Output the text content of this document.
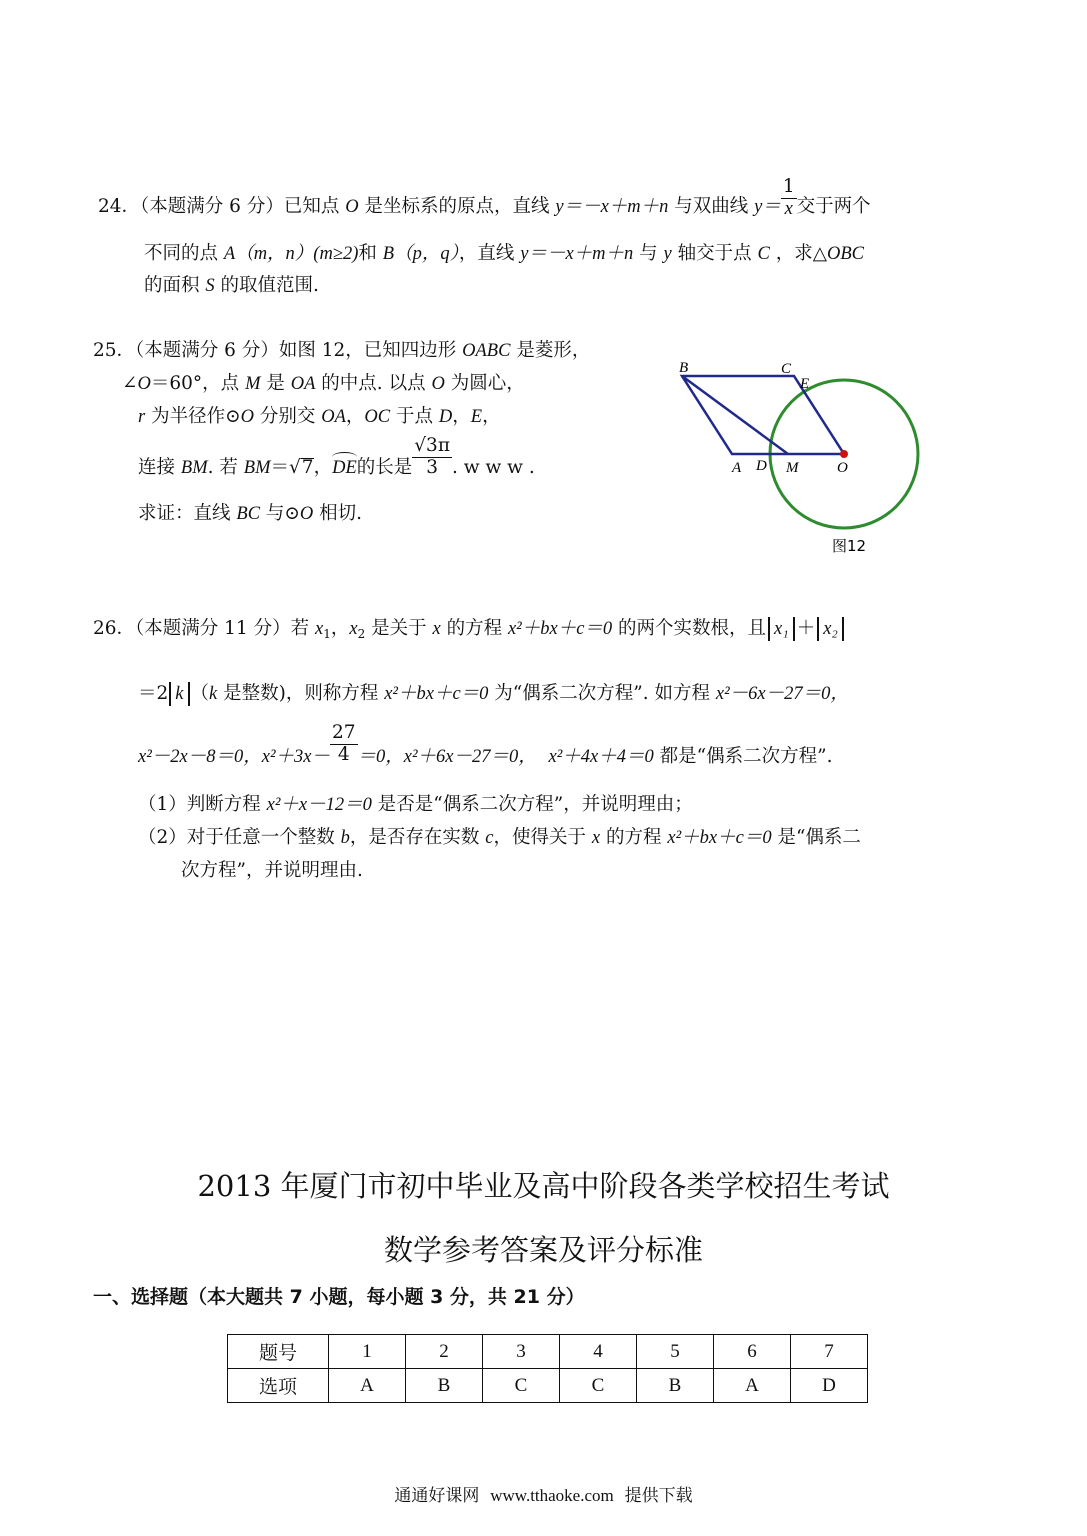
24．（本题满分 6 分）已知点 O 是坐标系的原点，直线 y＝－x＋m＋n 与双曲线 $y= \frac{1}{x}$ 交于两个
不同的点 A（m，n）(m≥2)和 B（p，q），直线 y＝－x＋m＋n 与 y 轴交于点 C ，求△OBC
的面积 S 的取值范围.
25．（本题满分 6 分）如图 12，已知四边形 OABC 是菱形，
∠O＝60°，点 M 是 OA 的中点. 以点 O 为圆心，
r 为半径作⊙O 分别交 OA，OC 于点 D，E，
连接 BM. 若 BM＝√7，DE的长是 $\frac{√3\pi}{3}$ . w w w .
求证：直线 BC 与⊙O 相切.
B	C
E
A D M	O
图12
26．（本题满分 11 分）若 $x_1$，$x_2$ 是关于 x 的方程 x²＋bx＋c＝0 的两个实数根，且 x₁ ＋ x₂
＝2 k （k 是整数)，则称方程 x²＋bx＋c＝0 为“偶系二次方程”. 如方程 x²－6x－27＝0，
x²－2x－8＝0，$x^2+3x- \frac{27}{4} =0$，x²＋6x－27＝0， x²＋4x＋4＝0 都是“偶系二次方程”.
（1）判断方程 x²＋x－12＝0 是否是“偶系二次方程”，并说明理由；
（2）对于任意一个整数 b，是否存在实数 c，使得关于 x 的方程 x²＋bx＋c＝0 是“偶系二
次方程”，并说明理由.
2013 年厦门市初中毕业及高中阶段各类学校招生考试
数学参考答案及评分标准
一、选择题（本大题共 7 小题，每小题 3 分，共 21 分）
题号	1	2	3	4	5	6	7
选项	A	B	C	C	B	A	D
通通好课网 www.tthaoke.com 提供下载
